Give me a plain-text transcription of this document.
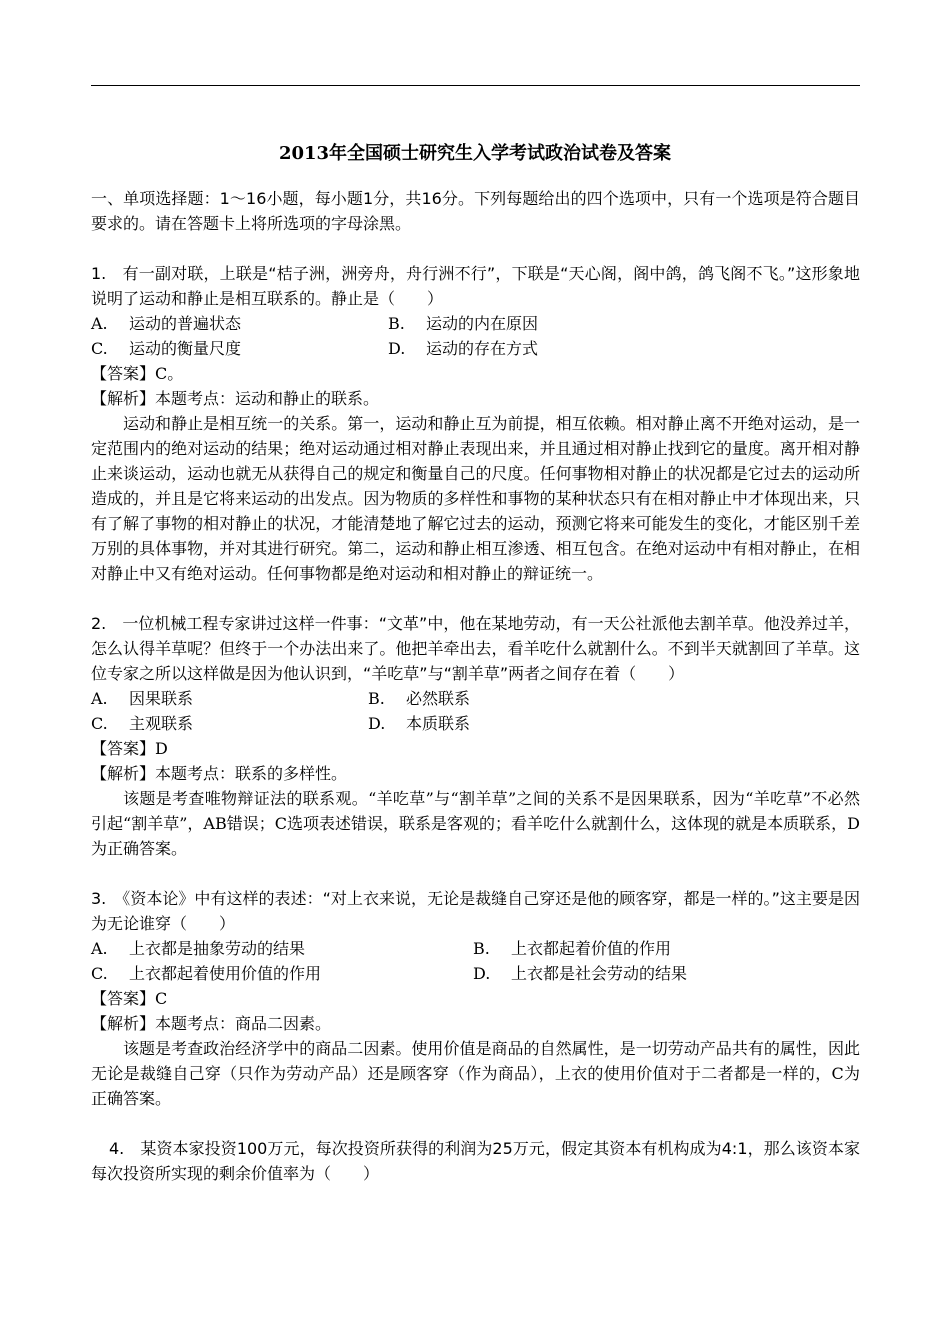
2013年全国硕士研究生入学考试政治试卷及答案

一、单项选择题：1～16小题，每小题1分，共16分。下列每题给出的四个选项中，只有一个选项是符合题目要求的。请在答题卡上将所选项的字母涂黑。

1.　有一副对联，上联是“桔子洲，洲旁舟，舟行洲不行”，下联是“天心阁，阁中鸽，鸽飞阁不飞。”这形象地说明了运动和静止是相互联系的。静止是（　　）

A. 运动的普遍状态	B. 运动的内在原因
C. 运动的衡量尺度	D. 运动的存在方式

【答案】C。

【解析】本题考点：运动和静止的联系。

运动和静止是相互统一的关系。第一，运动和静止互为前提，相互依赖。相对静止离不开绝对运动，是一定范围内的绝对运动的结果；绝对运动通过相对静止表现出来，并且通过相对静止找到它的量度。离开相对静止来谈运动，运动也就无从获得自己的规定和衡量自己的尺度。任何事物相对静止的状况都是它过去的运动所造成的，并且是它将来运动的出发点。因为物质的多样性和事物的某种状态只有在相对静止中才体现出来，只有了解了事物的相对静止的状况，才能清楚地了解它过去的运动，预测它将来可能发生的变化，才能区别千差万别的具体事物，并对其进行研究。第二，运动和静止相互渗透、相互包含。在绝对运动中有相对静止，在相对静止中又有绝对运动。任何事物都是绝对运动和相对静止的辩证统一。

2.　一位机械工程专家讲过这样一件事：“文革”中，他在某地劳动，有一天公社派他去割羊草。他没养过羊，怎么认得羊草呢？但终于一个办法出来了。他把羊牵出去，看羊吃什么就割什么。不到半天就割回了羊草。这位专家之所以这样做是因为他认识到，“羊吃草”与“割羊草”两者之间存在着（　　）

A. 因果联系	B. 必然联系
C. 主观联系	D. 本质联系

【答案】D

【解析】本题考点：联系的多样性。

该题是考查唯物辩证法的联系观。“羊吃草”与“割羊草”之间的关系不是因果联系，因为“羊吃草”不必然引起“割羊草”，AB错误；C选项表述错误，联系是客观的；看羊吃什么就割什么，这体现的就是本质联系，D为正确答案。

3.　《资本论》中有这样的表述：“对上衣来说，无论是裁缝自己穿还是他的顾客穿，都是一样的。”这主要是因为无论谁穿（　　）

A. 上衣都是抽象劳动的结果	B. 上衣都起着价值的作用
C. 上衣都起着使用价值的作用	D. 上衣都是社会劳动的结果

【答案】C

【解析】本题考点：商品二因素。

该题是考查政治经济学中的商品二因素。使用价值是商品的自然属性，是一切劳动产品共有的属性，因此无论是裁缝自己穿（只作为劳动产品）还是顾客穿（作为商品），上衣的使用价值对于二者都是一样的，C为正确答案。

4.　某资本家投资100万元，每次投资所获得的利润为25万元，假定其资本有机构成为4:1，那么该资本家每次投资所实现的剩余价值率为（　　）
